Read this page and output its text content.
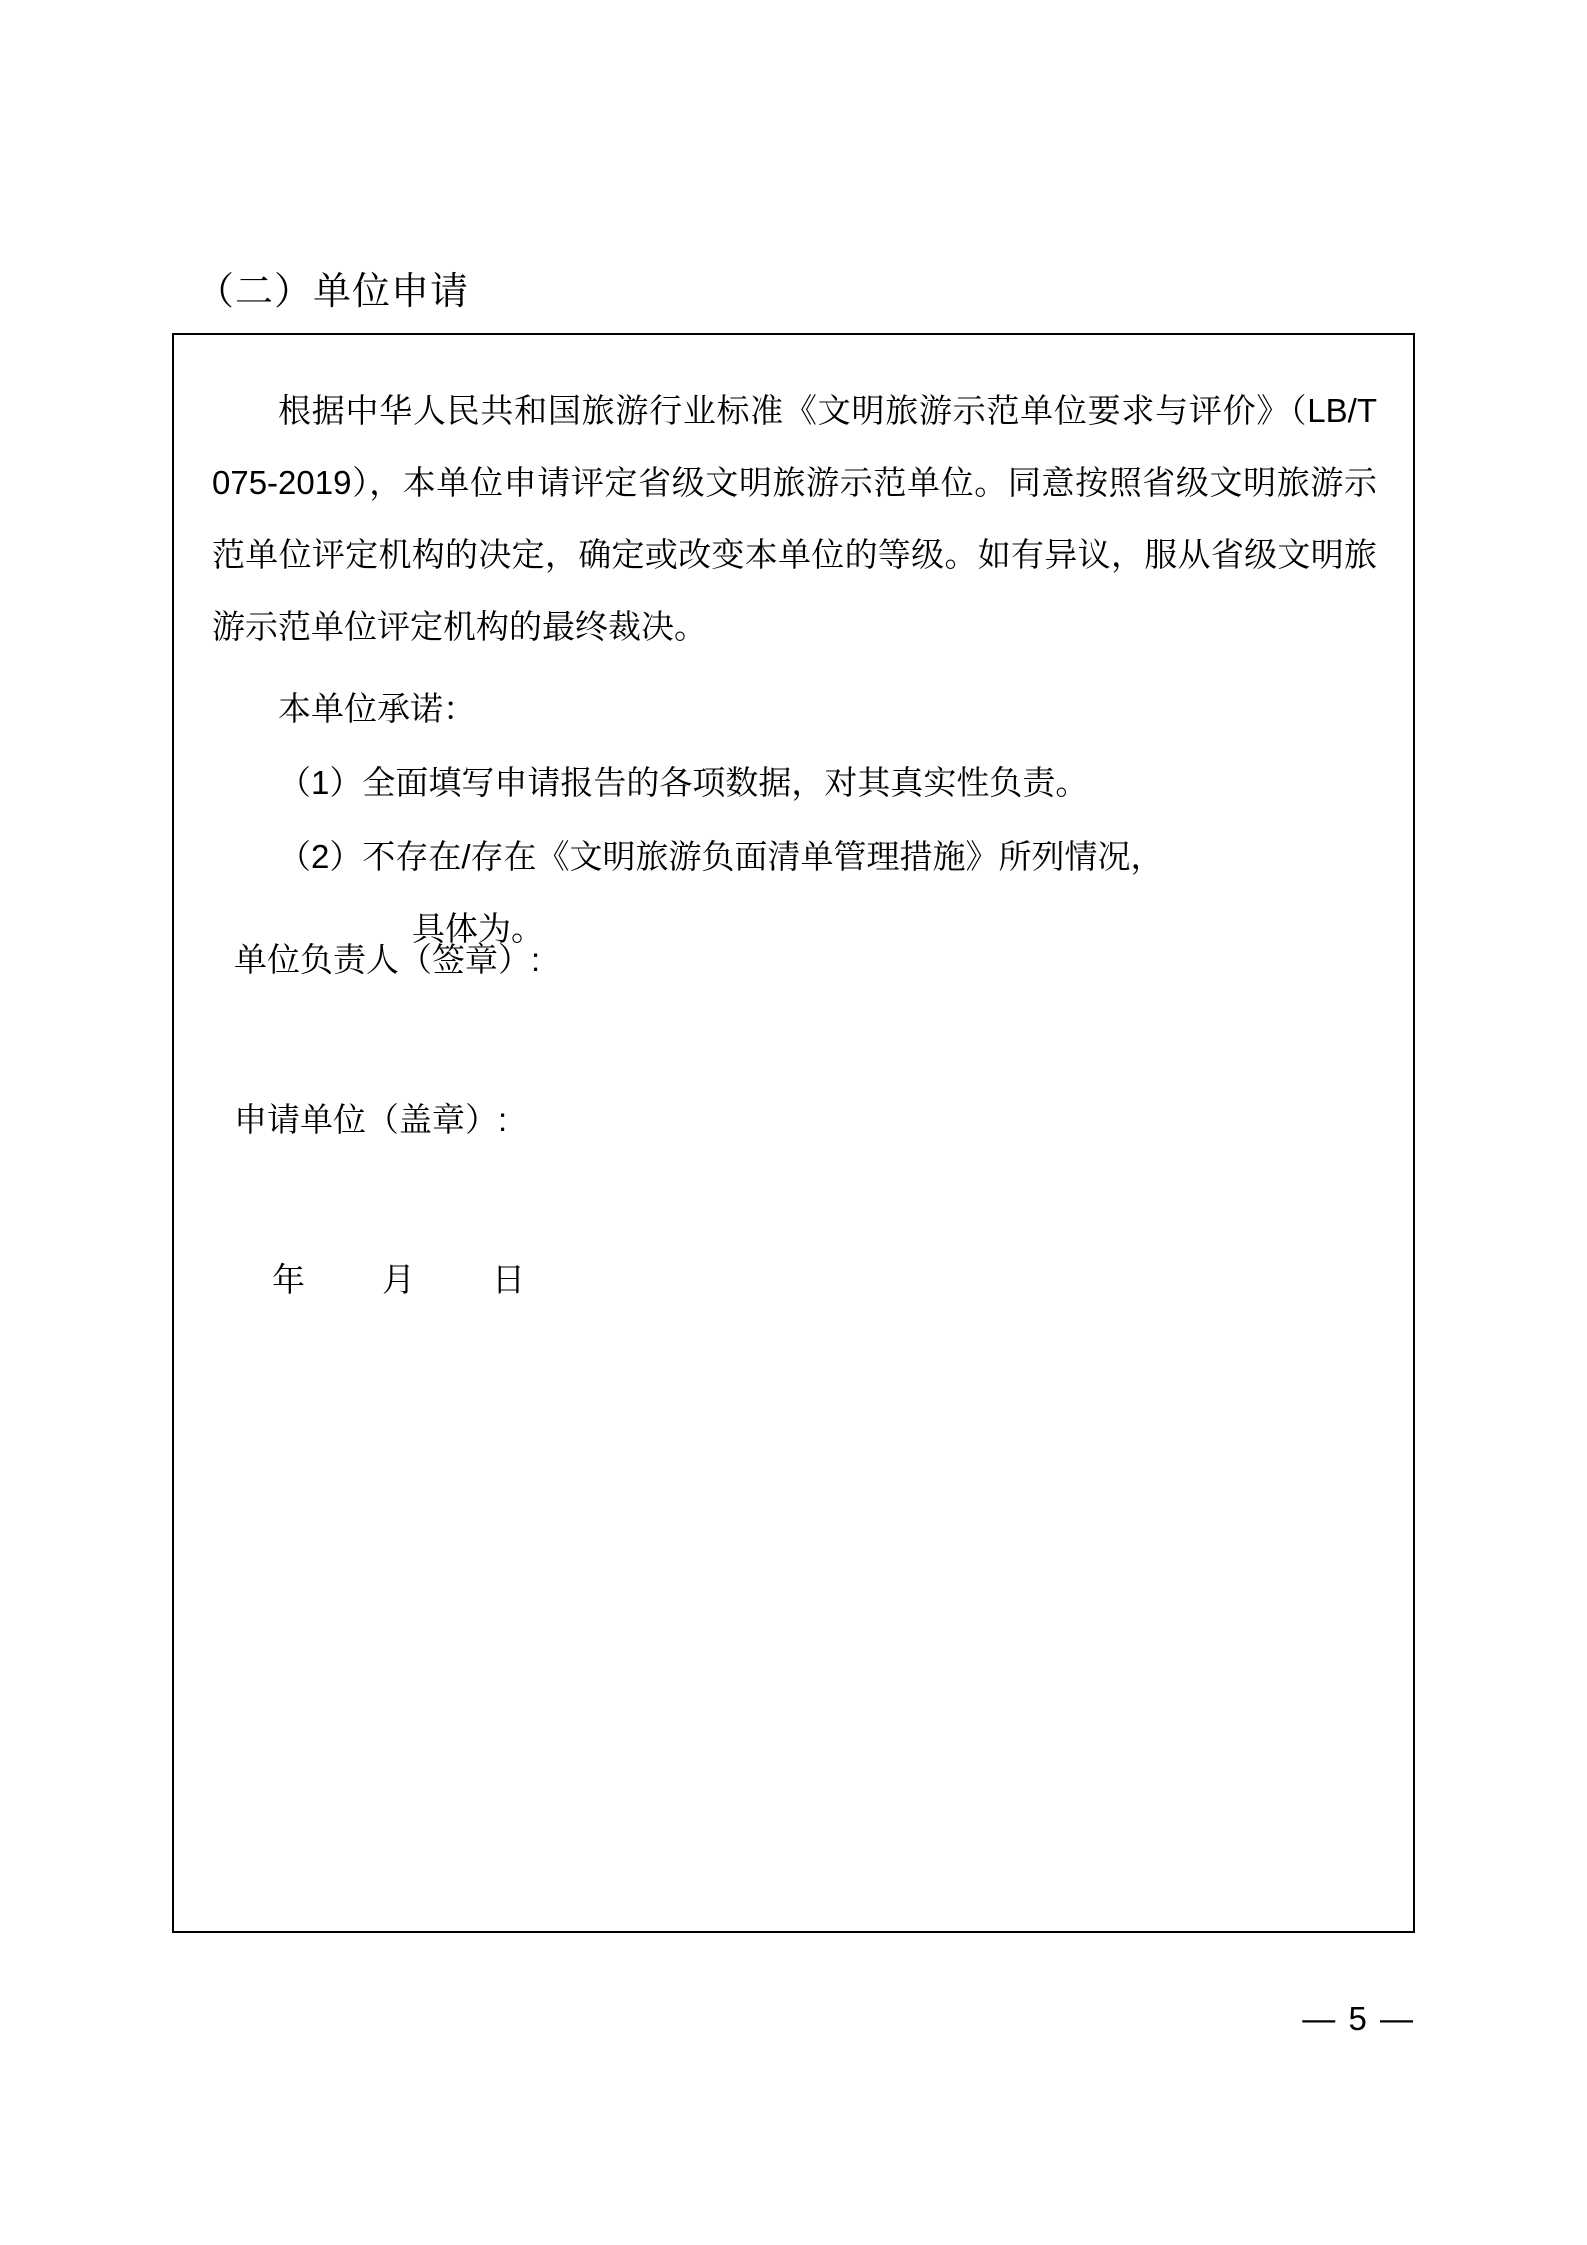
（二）单位申请
根据中华人民共和国旅游行业标准《文明旅游示范单位要求与评价》（LB/T 075-2019），本单位申请评定省级文明旅游示范单位。同意按照省级文明旅游示范单位评定机构的决定，确定或改变本单位的等级。如有异议，服从省级文明旅游示范单位评定机构的最终裁决。
本单位承诺：
（1）全面填写申请报告的各项数据，对其真实性负责。
（2）不存在/存在《文明旅游负面清单管理措施》所列情况，
具体为。
单位负责人（签章）:
申请单位（盖章）:
年　月　日
— 5 —
